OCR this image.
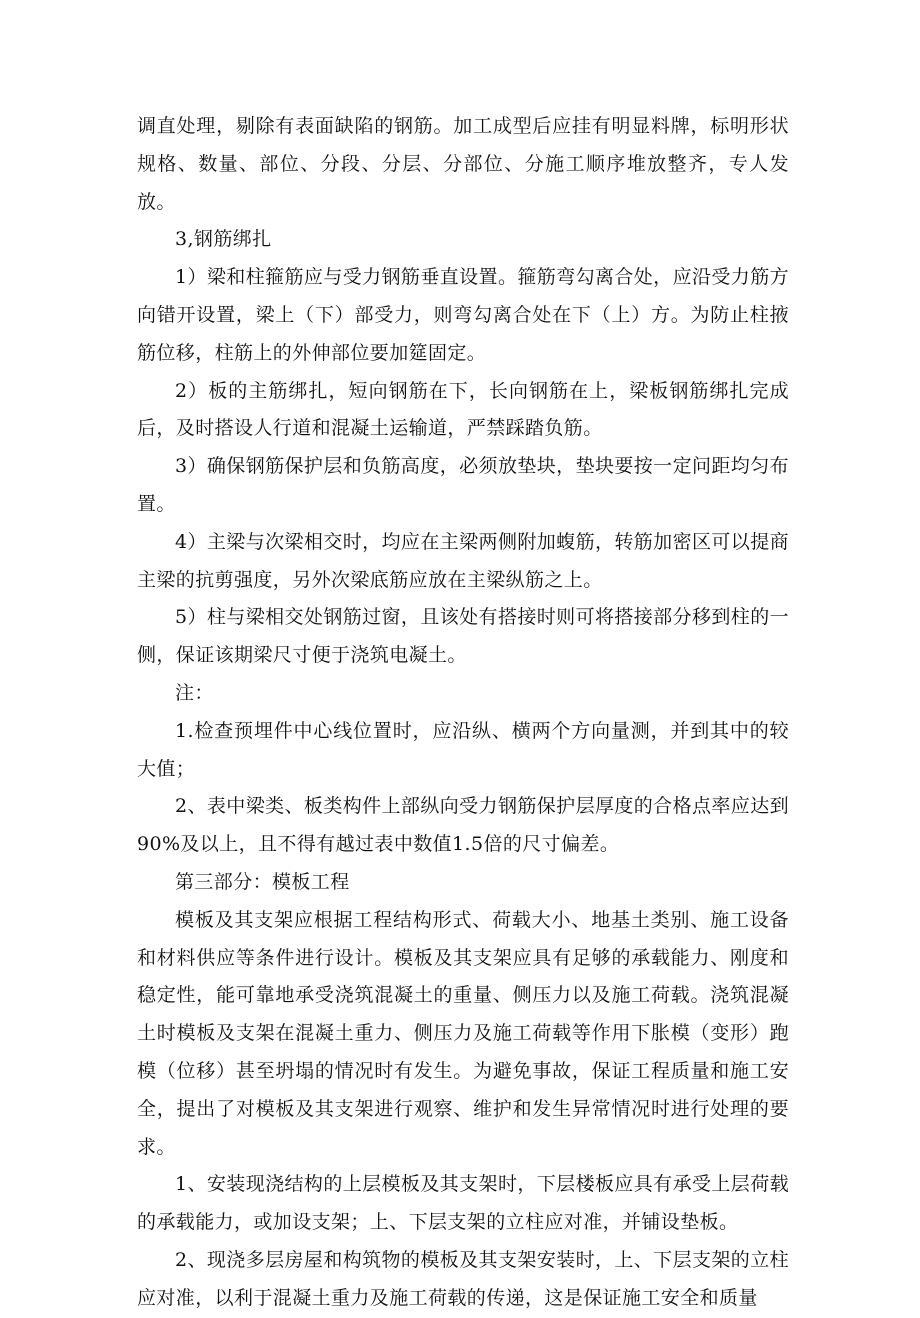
调直处理，剔除有表面缺陷的钢筋。加工成型后应挂有明显料牌，标明形状规格、数量、部位、分段、分层、分部位、分施工顺序堆放整齐，专人发放。

3,钢筋绑扎

1）梁和柱箍筋应与受力钢筋垂直设置。箍筋弯勾离合处，应沿受力筋方向错开设置，梁上（下）部受力，则弯勾离合处在下（上）方。为防止柱掖筋位移，柱筋上的外伸部位要加筵固定。

2）板的主筋绑扎，短向钢筋在下，长向钢筋在上，梁板钢筋绑扎完成后，及时搭设人行道和混凝土运输道，严禁踩踏负筋。

3）确保钢筋保护层和负筋高度，必须放垫块，垫块要按一定问距均匀布置。

4）主梁与次梁相交时，均应在主梁两侧附加蝮筋，转筋加密区可以提商主梁的抗剪强度，另外次梁底筋应放在主梁纵筋之上。

5）柱与梁相交处钢筋过窗，且该处有搭接时则可将搭接部分移到柱的一侧，保证该期梁尺寸便于浇筑电凝土。

注：

1.检查预埋件中心线位置时，应沿纵、横两个方向量测，并到其中的较大值；

2、表中梁类、板类构件上部纵向受力钢筋保护层厚度的合格点率应达到90%及以上，且不得有越过表中数值1.5倍的尺寸偏差。

第三部分：模板工程

模板及其支架应根据工程结构形式、荷载大小、地基土类别、施工设备和材料供应等条件进行设计。模板及其支架应具有足够的承载能力、刚度和稳定性，能可靠地承受浇筑混凝土的重量、侧压力以及施工荷载。浇筑混凝土时模板及支架在混凝土重力、侧压力及施工荷载等作用下胀模（变形）跑模（位移）甚至坍塌的情况时有发生。为避免事故，保证工程质量和施工安全，提出了对模板及其支架进行观察、维护和发生异常情况时进行处理的要求。

1、安装现浇结构的上层模板及其支架时，下层楼板应具有承受上层荷载的承载能力，或加设支架；上、下层支架的立柱应对准，并铺设垫板。

2、现浇多层房屋和构筑物的模板及其支架安装时，上、下层支架的立柱应对准，以利于混凝土重力及施工荷载的传递，这是保证施工安全和质量
